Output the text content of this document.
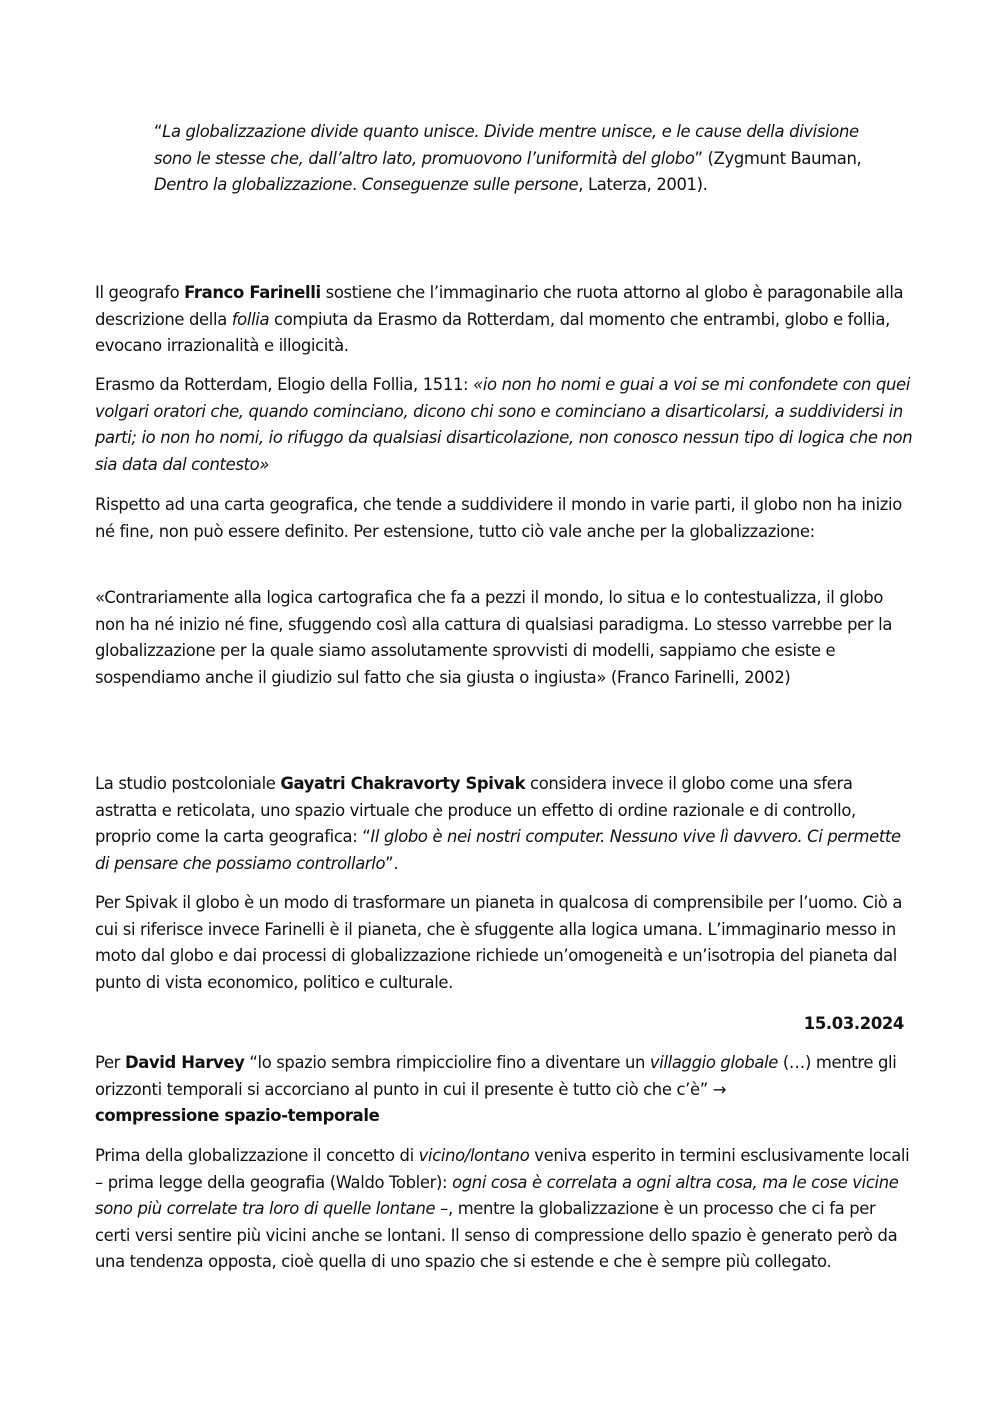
“La globalizzazione divide quanto unisce. Divide mentre unisce, e le cause della divisione sono le stesse che, dall’altro lato, promuovono l’uniformità del globo” (Zygmunt Bauman, Dentro la globalizzazione. Conseguenze sulle persone, Laterza, 2001).

Il geografo Franco Farinelli sostiene che l’immaginario che ruota attorno al globo è paragonabile alla descrizione della follia compiuta da Erasmo da Rotterdam, dal momento che entrambi, globo e follia, evocano irrazionalità e illogicità.

Erasmo da Rotterdam, Elogio della Follia, 1511: «io non ho nomi e guai a voi se mi confondete con quei volgari oratori che, quando cominciano, dicono chi sono e cominciano a disarticolarsi, a suddividersi in parti; io non ho nomi, io rifuggo da qualsiasi disarticolazione, non conosco nessun tipo di logica che non sia data dal contesto»

Rispetto ad una carta geografica, che tende a suddividere il mondo in varie parti, il globo non ha inizio né fine, non può essere definito. Per estensione, tutto ciò vale anche per la globalizzazione:

«Contrariamente alla logica cartografica che fa a pezzi il mondo, lo situa e lo contestualizza, il globo non ha né inizio né fine, sfuggendo così alla cattura di qualsiasi paradigma. Lo stesso varrebbe per la globalizzazione per la quale siamo assolutamente sprovvisti di modelli, sappiamo che esiste e sospendiamo anche il giudizio sul fatto che sia giusta o ingiusta» (Franco Farinelli, 2002)

La studio postcoloniale Gayatri Chakravorty Spivak considera invece il globo come una sfera astratta e reticolata, uno spazio virtuale che produce un effetto di ordine razionale e di controllo, proprio come la carta geografica: “Il globo è nei nostri computer. Nessuno vive lì davvero. Ci permette di pensare che possiamo controllarlo”.

Per Spivak il globo è un modo di trasformare un pianeta in qualcosa di comprensibile per l’uomo. Ciò a cui si riferisce invece Farinelli è il pianeta, che è sfuggente alla logica umana. L’immaginario messo in moto dal globo e dai processi di globalizzazione richiede un’omogeneità e un’isotropia del pianeta dal punto di vista economico, politico e culturale.

15.03.2024

Per David Harvey “lo spazio sembra rimpicciolire fino a diventare un villaggio globale (…) mentre gli orizzonti temporali si accorciano al punto in cui il presente è tutto ciò che c’è” →
compressione spazio-temporale

Prima della globalizzazione il concetto di vicino/lontano veniva esperito in termini esclusivamente locali – prima legge della geografia (Waldo Tobler): ogni cosa è correlata a ogni altra cosa, ma le cose vicine sono più correlate tra loro di quelle lontane –, mentre la globalizzazione è un processo che ci fa per certi versi sentire più vicini anche se lontani. Il senso di compressione dello spazio è generato però da una tendenza opposta, cioè quella di uno spazio che si estende e che è sempre più collegato.
